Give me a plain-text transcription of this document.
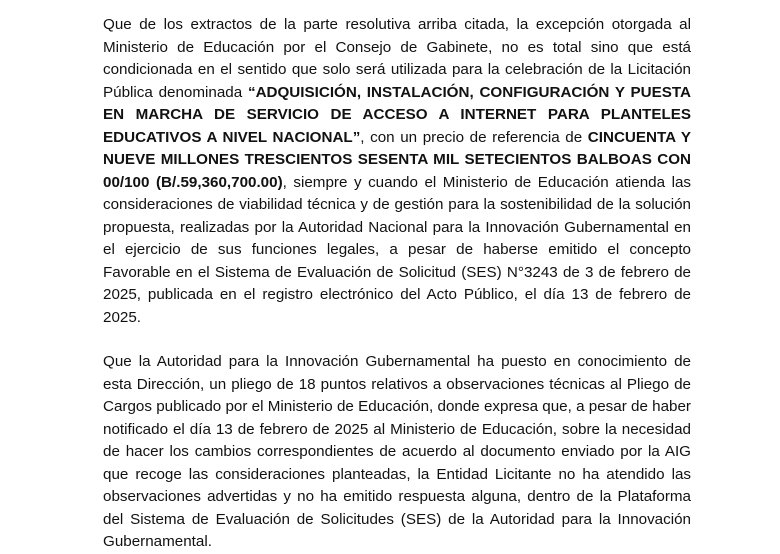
Que de los extractos de la parte resolutiva arriba citada, la excepción otorgada al Ministerio de Educación por el Consejo de Gabinete, no es total sino que está condicionada en el sentido que solo será utilizada para la celebración de la Licitación Pública denominada “ADQUISICIÓN, INSTALACIÓN, CONFIGURACIÓN Y PUESTA EN MARCHA DE SERVICIO DE ACCESO A INTERNET PARA PLANTELES EDUCATIVOS A NIVEL NACIONAL”, con un precio de referencia de CINCUENTA Y NUEVE MILLONES TRESCIENTOS SESENTA MIL SETECIENTOS BALBOAS CON 00/100 (B/.59,360,700.00), siempre y cuando el Ministerio de Educación atienda las consideraciones de viabilidad técnica y de gestión para la sostenibilidad de la solución propuesta, realizadas por la Autoridad Nacional para la Innovación Gubernamental en el ejercicio de sus funciones legales, a pesar de haberse emitido el concepto Favorable en el Sistema de Evaluación de Solicitud (SES) N°3243 de 3 de febrero de 2025, publicada en el registro electrónico del Acto Público, el día 13 de febrero de 2025.

Que la Autoridad para la Innovación Gubernamental ha puesto en conocimiento de esta Dirección, un pliego de 18 puntos relativos a observaciones técnicas al Pliego de Cargos publicado por el Ministerio de Educación, donde expresa que, a pesar de haber notificado el día 13 de febrero de 2025 al Ministerio de Educación, sobre la necesidad de hacer los cambios correspondientes de acuerdo al documento enviado por la AIG que recoge las consideraciones planteadas, la Entidad Licitante no ha atendido las observaciones advertidas y no ha emitido respuesta alguna, dentro de la Plataforma del Sistema de Evaluación de Solicitudes (SES) de la Autoridad para la Innovación Gubernamental.
